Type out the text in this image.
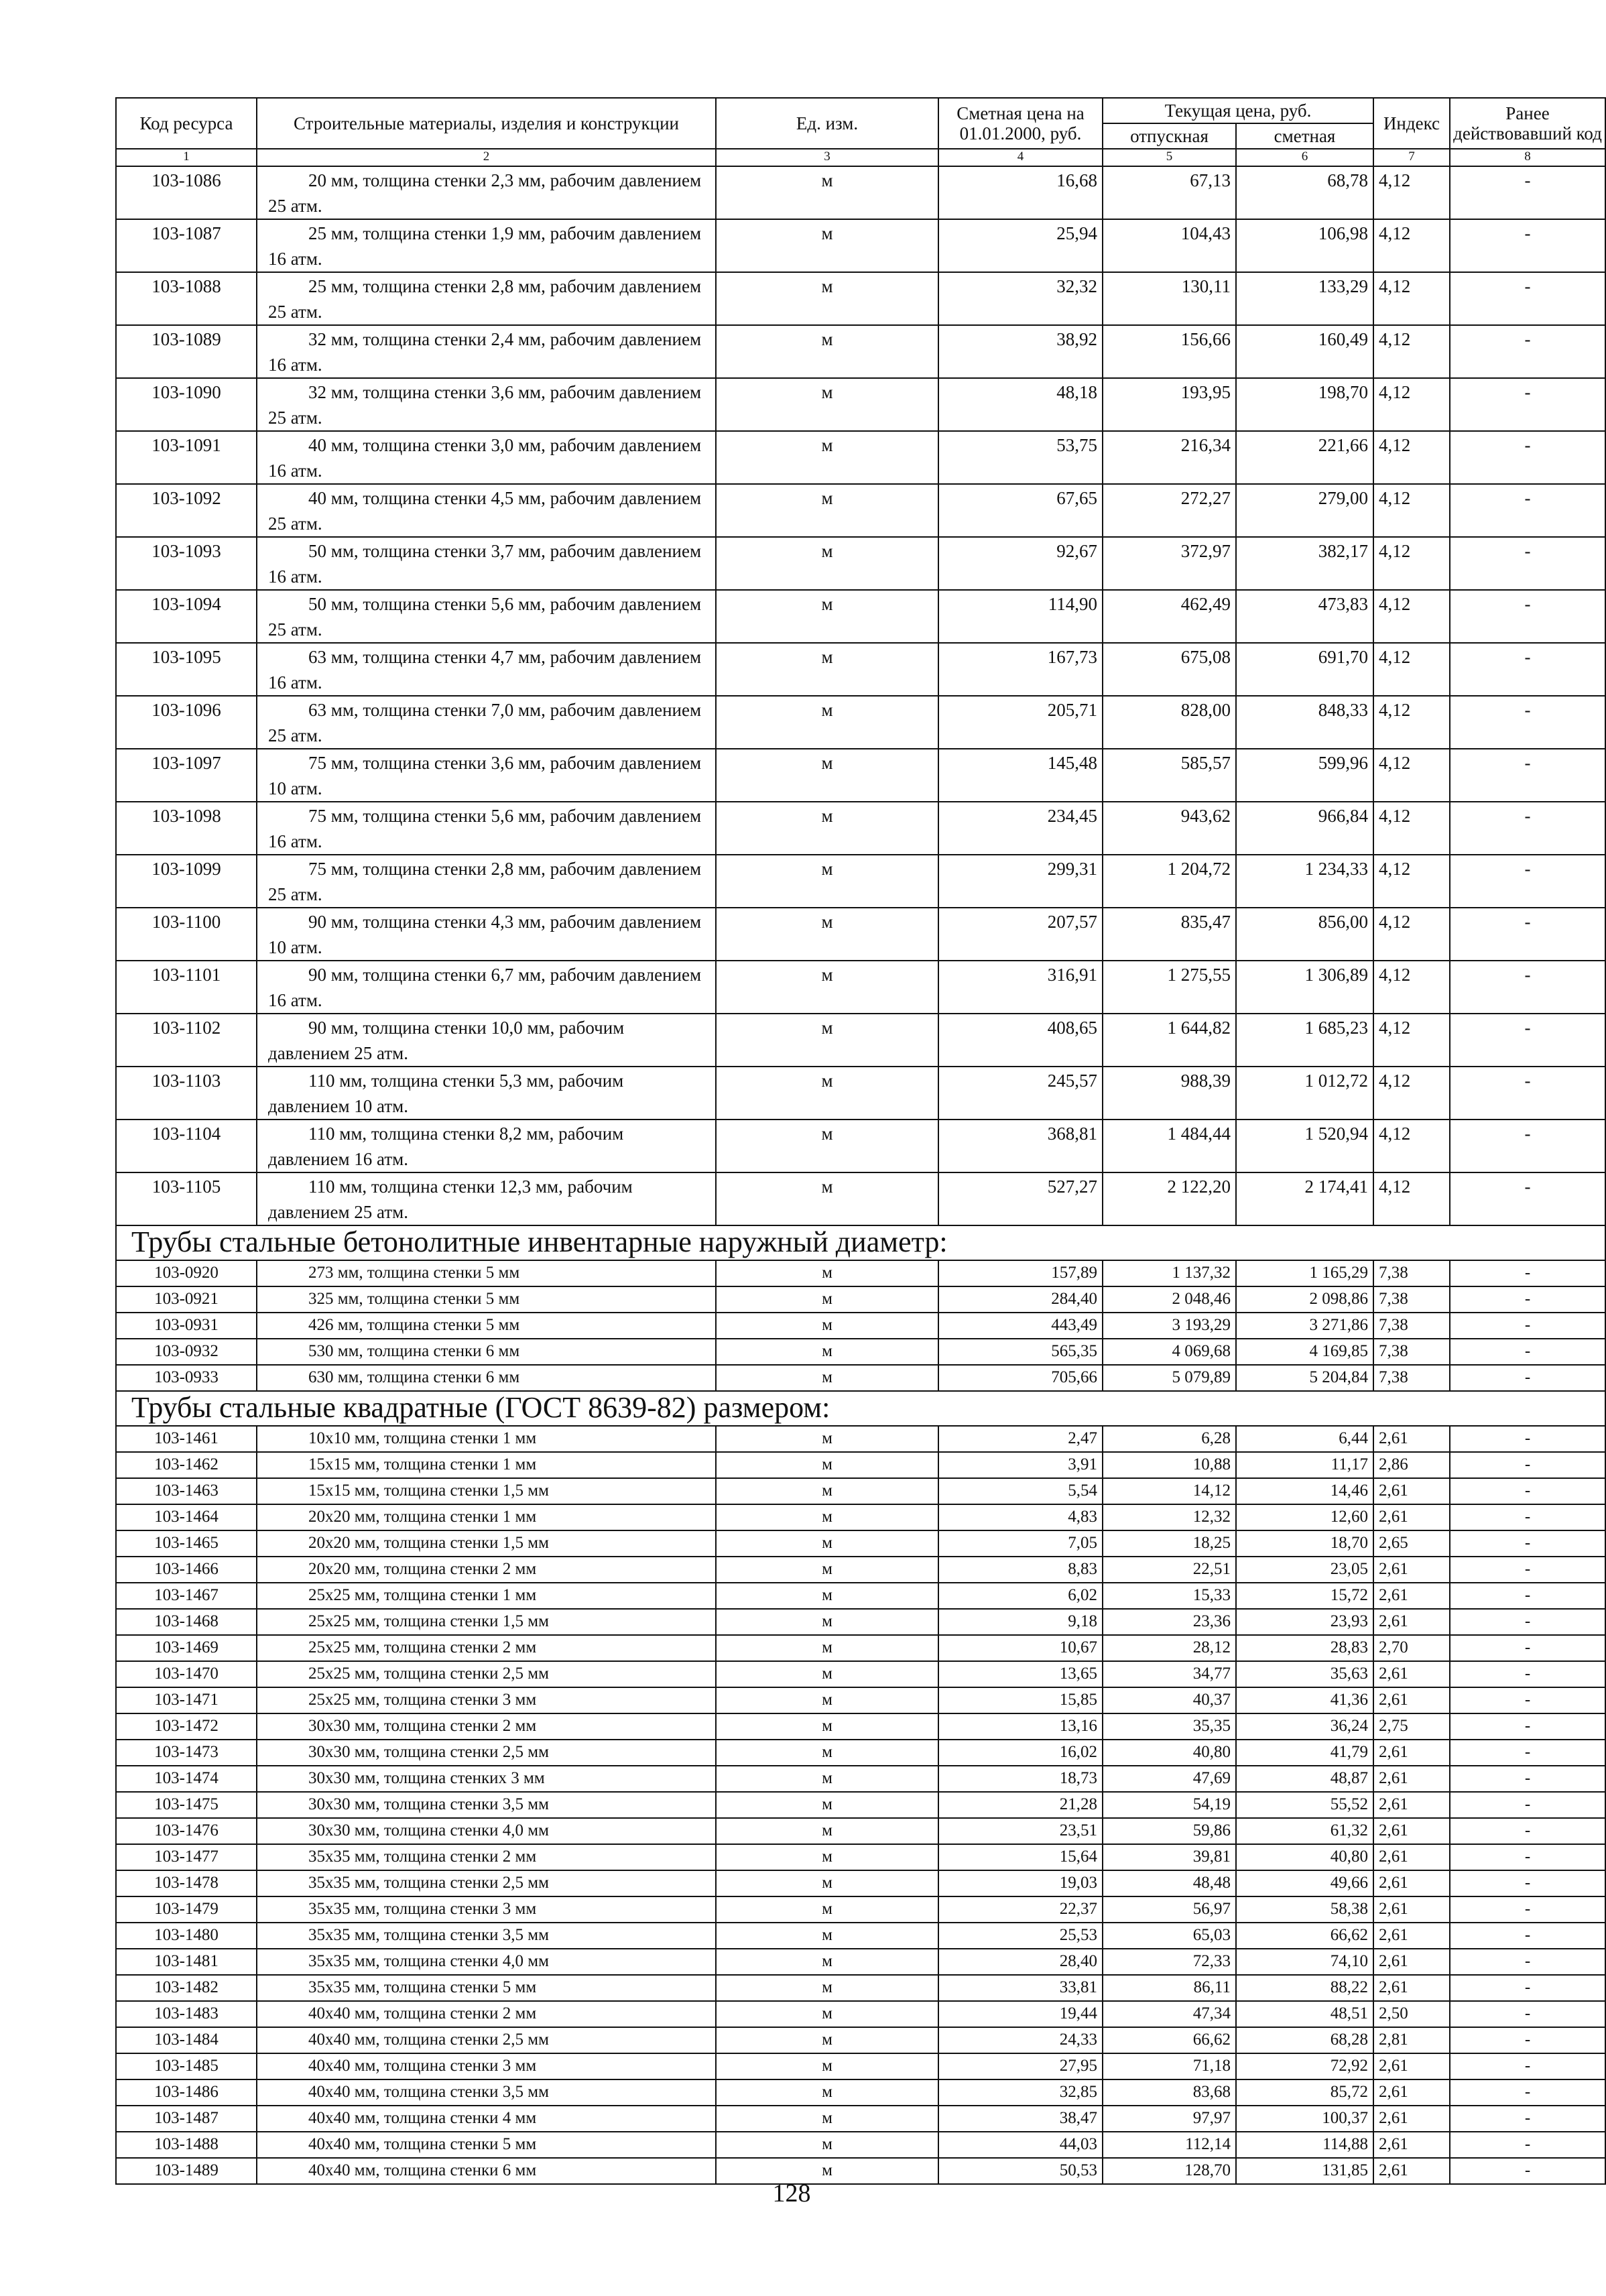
Код ресурса	Строительные материалы, изделия и конструкции	Ед. изм.	Сметная цена на 01.01.2000, руб.	Текущая цена, руб.		Индекс	Ранее действовавший код
				отпускная	сметная		
1	2	3	4	5	6	7	8
103-1086	20 мм, толщина стенки 2,3 мм, рабочим давлением 25 атм.	м	16,68	67,13	68,78	4,12	-
103-1087	25 мм, толщина стенки 1,9 мм, рабочим давлением 16 атм.	м	25,94	104,43	106,98	4,12	-
103-1088	25 мм, толщина стенки 2,8 мм, рабочим давлением 25 атм.	м	32,32	130,11	133,29	4,12	-
103-1089	32 мм, толщина стенки 2,4 мм, рабочим давлением 16 атм.	м	38,92	156,66	160,49	4,12	-
103-1090	32 мм, толщина стенки 3,6 мм, рабочим давлением 25 атм.	м	48,18	193,95	198,70	4,12	-
103-1091	40 мм, толщина стенки 3,0 мм, рабочим давлением 16 атм.	м	53,75	216,34	221,66	4,12	-
103-1092	40 мм, толщина стенки 4,5 мм, рабочим давлением 25 атм.	м	67,65	272,27	279,00	4,12	-
103-1093	50 мм, толщина стенки 3,7 мм, рабочим давлением 16 атм.	м	92,67	372,97	382,17	4,12	-
103-1094	50 мм, толщина стенки 5,6 мм, рабочим давлением 25 атм.	м	114,90	462,49	473,83	4,12	-
103-1095	63 мм, толщина стенки 4,7 мм, рабочим давлением 16 атм.	м	167,73	675,08	691,70	4,12	-
103-1096	63 мм, толщина стенки 7,0 мм, рабочим давлением 25 атм.	м	205,71	828,00	848,33	4,12	-
103-1097	75 мм, толщина стенки 3,6 мм, рабочим давлением 10 атм.	м	145,48	585,57	599,96	4,12	-
103-1098	75 мм, толщина стенки 5,6 мм, рабочим давлением 16 атм.	м	234,45	943,62	966,84	4,12	-
103-1099	75 мм, толщина стенки 2,8 мм, рабочим давлением 25 атм.	м	299,31	1 204,72	1 234,33	4,12	-
103-1100	90 мм, толщина стенки 4,3 мм, рабочим давлением 10 атм.	м	207,57	835,47	856,00	4,12	-
103-1101	90 мм, толщина стенки 6,7 мм, рабочим давлением 16 атм.	м	316,91	1 275,55	1 306,89	4,12	-
103-1102	90 мм, толщина стенки 10,0 мм, рабочим давлением 25 атм.	м	408,65	1 644,82	1 685,23	4,12	-
103-1103	110 мм, толщина стенки 5,3 мм, рабочим давлением 10 атм.	м	245,57	988,39	1 012,72	4,12	-
103-1104	110 мм, толщина стенки 8,2 мм, рабочим давлением 16 атм.	м	368,81	1 484,44	1 520,94	4,12	-
103-1105	110 мм, толщина стенки 12,3 мм, рабочим давлением 25 атм.	м	527,27	2 122,20	2 174,41	4,12	-
Трубы стальные бетонолитные инвентарные наружный диаметр:							
103-0920	273 мм, толщина стенки 5 мм	м	157,89	1 137,32	1 165,29	7,38	-
103-0921	325 мм, толщина стенки 5 мм	м	284,40	2 048,46	2 098,86	7,38	-
103-0931	426 мм, толщина стенки 5 мм	м	443,49	3 193,29	3 271,86	7,38	-
103-0932	530 мм, толщина стенки 6 мм	м	565,35	4 069,68	4 169,85	7,38	-
103-0933	630 мм, толщина стенки 6 мм	м	705,66	5 079,89	5 204,84	7,38	-
Трубы стальные квадратные (ГОСТ 8639-82) размером:							
103-1461	10x10 мм, толщина стенки 1 мм	м	2,47	6,28	6,44	2,61	-
103-1462	15x15 мм, толщина стенки 1 мм	м	3,91	10,88	11,17	2,86	-
103-1463	15x15 мм, толщина стенки 1,5 мм	м	5,54	14,12	14,46	2,61	-
103-1464	20x20 мм, толщина стенки 1 мм	м	4,83	12,32	12,60	2,61	-
103-1465	20x20 мм, толщина стенки 1,5 мм	м	7,05	18,25	18,70	2,65	-
103-1466	20x20 мм, толщина стенки 2 мм	м	8,83	22,51	23,05	2,61	-
103-1467	25x25 мм, толщина стенки 1 мм	м	6,02	15,33	15,72	2,61	-
103-1468	25x25 мм, толщина стенки 1,5 мм	м	9,18	23,36	23,93	2,61	-
103-1469	25x25 мм, толщина стенки 2 мм	м	10,67	28,12	28,83	2,70	-
103-1470	25x25 мм, толщина стенки 2,5 мм	м	13,65	34,77	35,63	2,61	-
103-1471	25x25 мм, толщина стенки 3 мм	м	15,85	40,37	41,36	2,61	-
103-1472	30x30 мм, толщина стенки 2 мм	м	13,16	35,35	36,24	2,75	-
103-1473	30x30 мм, толщина стенки 2,5 мм	м	16,02	40,80	41,79	2,61	-
103-1474	30x30 мм, толщина стенких 3 мм	м	18,73	47,69	48,87	2,61	-
103-1475	30x30 мм, толщина стенки 3,5 мм	м	21,28	54,19	55,52	2,61	-
103-1476	30x30 мм, толщина стенки 4,0 мм	м	23,51	59,86	61,32	2,61	-
103-1477	35x35 мм, толщина стенки 2 мм	м	15,64	39,81	40,80	2,61	-
103-1478	35x35 мм, толщина стенки 2,5 мм	м	19,03	48,48	49,66	2,61	-
103-1479	35x35 мм, толщина стенки 3 мм	м	22,37	56,97	58,38	2,61	-
103-1480	35x35 мм, толщина стенки 3,5 мм	м	25,53	65,03	66,62	2,61	-
103-1481	35x35 мм, толщина стенки 4,0 мм	м	28,40	72,33	74,10	2,61	-
103-1482	35x35 мм, толщина стенки 5 мм	м	33,81	86,11	88,22	2,61	-
103-1483	40x40 мм, толщина стенки 2 мм	м	19,44	47,34	48,51	2,50	-
103-1484	40x40 мм, толщина стенки 2,5 мм	м	24,33	66,62	68,28	2,81	-
103-1485	40x40 мм, толщина стенки 3 мм	м	27,95	71,18	72,92	2,61	-
103-1486	40x40 мм, толщина стенки 3,5 мм	м	32,85	83,68	85,72	2,61	-
103-1487	40x40 мм, толщина стенки 4 мм	м	38,47	97,97	100,37	2,61	-
103-1488	40x40 мм, толщина стенки 5 мм	м	44,03	112,14	114,88	2,61	-
103-1489	40x40 мм, толщина стенки 6 мм	м	50,53	128,70	131,85	2,61	-
128
